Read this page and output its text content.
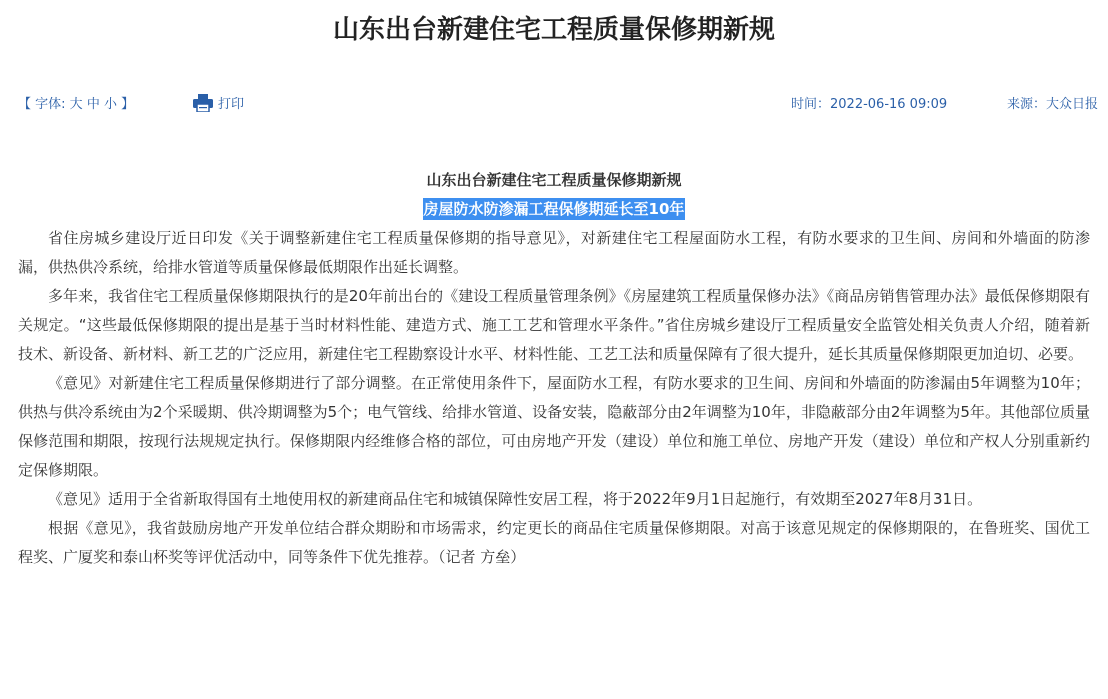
山东出台新建住宅工程质量保修期新规
【 字体: 大 中 小 】	打印	时间：2022-06-16 09:09	来源：大众日报

山东出台新建住宅工程质量保修期新规

房屋防水防渗漏工程保修期延长至10年

省住房城乡建设厅近日印发《关于调整新建住宅工程质量保修期的指导意见》，对新建住宅工程屋面防水工程，有防水要求的卫生间、房间和外墙面的防渗漏，供热供冷系统，给排水管道等质量保修最低期限作出延长调整。

多年来，我省住宅工程质量保修期限执行的是20年前出台的《建设工程质量管理条例》《房屋建筑工程质量保修办法》《商品房销售管理办法》最低保修期限有关规定。“这些最低保修期限的提出是基于当时材料性能、建造方式、施工工艺和管理水平条件。”省住房城乡建设厅工程质量安全监管处相关负责人介绍，随着新技术、新设备、新材料、新工艺的广泛应用，新建住宅工程勘察设计水平、材料性能、工艺工法和质量保障有了很大提升，延长其质量保修期限更加迫切、必要。

《意见》对新建住宅工程质量保修期进行了部分调整。在正常使用条件下，屋面防水工程，有防水要求的卫生间、房间和外墙面的防渗漏由5年调整为10年；供热与供冷系统由为2个采暖期、供冷期调整为5个；电气管线、给排水管道、设备安装，隐蔽部分由2年调整为10年，非隐蔽部分由2年调整为5年。其他部位质量保修范围和期限，按现行法规规定执行。保修期限内经维修合格的部位，可由房地产开发（建设）单位和施工单位、房地产开发（建设）单位和产权人分别重新约定保修期限。

《意见》适用于全省新取得国有土地使用权的新建商品住宅和城镇保障性安居工程，将于2022年9月1日起施行，有效期至2027年8月31日。

根据《意见》，我省鼓励房地产开发单位结合群众期盼和市场需求，约定更长的商品住宅质量保修期限。对高于该意见规定的保修期限的，在鲁班奖、国优工程奖、广厦奖和泰山杯奖等评优活动中，同等条件下优先推荐。（记者 方垒）
